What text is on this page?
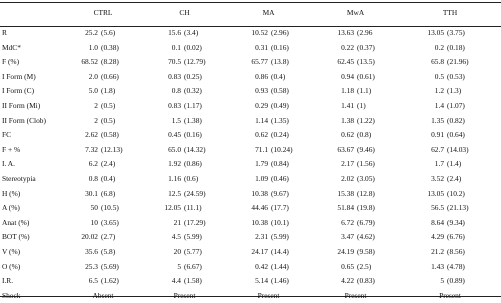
	CTRL		CH		MA		MwA		TTH	
R	25.2	(5.6)	15.6	(3.4)	10.52	(2.96)	13.63	(2.96	13.05	(3.75)
MdC*	1.0	(0.38)	0.1	(0.02)	0.31	(0.16)	0.22	(0.37)	0.2	(0.18)
F (%)	68.52	(8.28)	70.5	(12.79)	65.77	(13.8)	62.45	(13.5)	65.8	(21.96)
I Form (M)	2.0	(0.66)	0.83	(0.25)	0.86	(0.4)	0.94	(0.61)	0.5	(0.53)
I Form (C)	5.0	(1.8)	0.8	(0.32)	0.93	(0.58)	1.18	(1.1)	1.2	(1.3)
II Form (Mi)	2	(0.5)	0.83	(1.17)	0.29	(0.49)	1.41	(1)	1.4	(1.07)
II Form (Clob)	2	(0.5)	1.5	(1.38)	1.14	(1.35)	1.38	(1.22)	1.35	(0.82)
FC	2.62	(0.58)	0.45	(0.16)	0.62	(0.24)	0.62	(0.8)	0.91	(0.64)
F + %	7.32	(12.13)	65.0	(14.32)	71.1	(10.24)	63.67	(9.46)	62.7	(14.03)
I. A.	6.2	(2.4)	1.92	(0.86)	1.79	(0.84)	2.17	(1.56)	1.7	(1.4)
Stereotypia	0.8	(0.4)	1.16	(0.6)	1.09	(0.46)	2.02	(3.05)	3.52	(2.4)
H (%)	30.1	(6.8)	12.5	(24.59)	10.38	(9.67)	15.38	(12.8)	13.05	(10.2)
A (%)	50	(10.5)	12.05	(11.1)	44.46	(17.7)	51.84	(19.8)	56.5	(21.13)
Anat (%)	10	(3.65)	21	(17.29)	10.38	(10.1)	6.72	(6.79)	8.64	(9.34)
BOT (%)	20.02	(2.7)	4.5	(5.99)	2.31	(5.99)	3.47	(4.62)	4.29	(6.76)
V (%)	35.6	(5.8)	20	(5.77)	24.17	(14.4)	24.19	(9.58)	21.2	(8.56)
O (%)	25.3	(5.69)	5	(6.67)	0.42	(1.44)	0.65	(2.5)	1.43	(4.78)
I.R.	6.5	(1.62)	4.4	(1.58)	5.14	(1.46)	4.22	(0.83)	5	(0.89)
Shock	Absent		Present		Present		Present		Present	
